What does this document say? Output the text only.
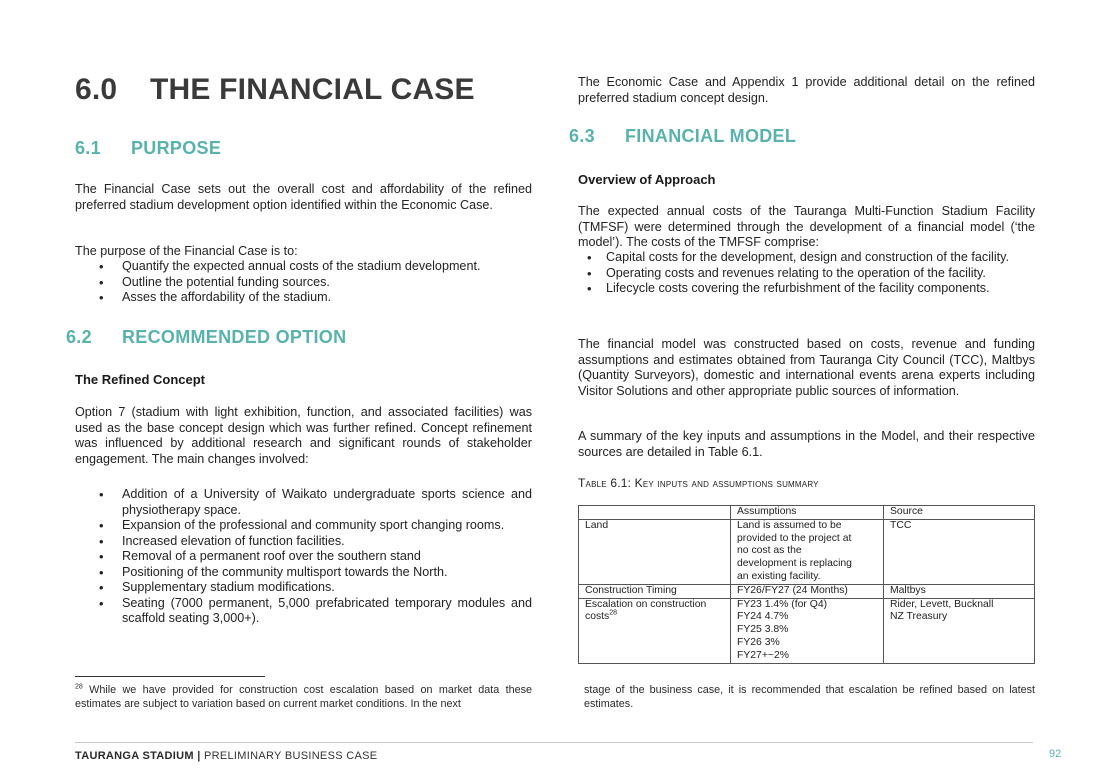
6.0 THE FINANCIAL CASE
6.1 PURPOSE

The Financial Case sets out the overall cost and affordability of the refined preferred stadium development option identified within the Economic Case.

The purpose of the Financial Case is to:

• Quantify the expected annual costs of the stadium development.
• Outline the potential funding sources.
• Asses the affordability of the stadium.
6.2 RECOMMENDED OPTION
The Refined Concept

Option 7 (stadium with light exhibition, function, and associated facilities) was used as the base concept design which was further refined. Concept refinement was influenced by additional research and significant rounds of stakeholder engagement. The main changes involved:

• Addition of a University of Waikato undergraduate sports science and physiotherapy space.
• Expansion of the professional and community sport changing rooms.
• Increased elevation of function facilities.
• Removal of a permanent roof over the southern stand
• Positioning of the community multisport towards the North.
• Supplementary stadium modifications.
• Seating (7000 permanent, 5,000 prefabricated temporary modules and scaffold seating 3,000+).

The Economic Case and Appendix 1 provide additional detail on the refined preferred stadium concept design.

6.3 FINANCIAL MODEL
Overview of Approach

The expected annual costs of the Tauranga Multi-Function Stadium Facility (TMFSF) were determined through the development of a financial model (‘the model’). The costs of the TMFSF comprise:

• Capital costs for the development, design and construction of the facility.
• Operating costs and revenues relating to the operation of the facility.
• Lifecycle costs covering the refurbishment of the facility components.

The financial model was constructed based on costs, revenue and funding assumptions and estimates obtained from Tauranga City Council (TCC), Maltbys (Quantity Surveyors), domestic and international events arena experts including Visitor Solutions and other appropriate public sources of information.

A summary of the key inputs and assumptions in the Model, and their respective sources are detailed in Table 6.1.

Table 6.1: Key inputs and assumptions summary

	Assumptions	Source
Land	Land is assumed to be
provided to the project at
no cost as the
development is replacing
an existing facility.	TCC

Construction Timing	FY26/FY27 (24 Months)	Maltbys

Escalation on construction costs$^{28}$	FY23 1.4% (for Q4)
FY24 4.7%
FY25 3.8%
FY26 3%
FY27+~2%	Rider, Levett, Bucknall
NZ Treasury

$^{28}$ While we have provided for construction cost escalation based on market data these estimates are subject to variation based on current market conditions. In the next

stage of the business case, it is recommended that escalation be refined based on latest estimates.

TAURANGA STADIUM | PRELIMINARY BUSINESS CASE	92
